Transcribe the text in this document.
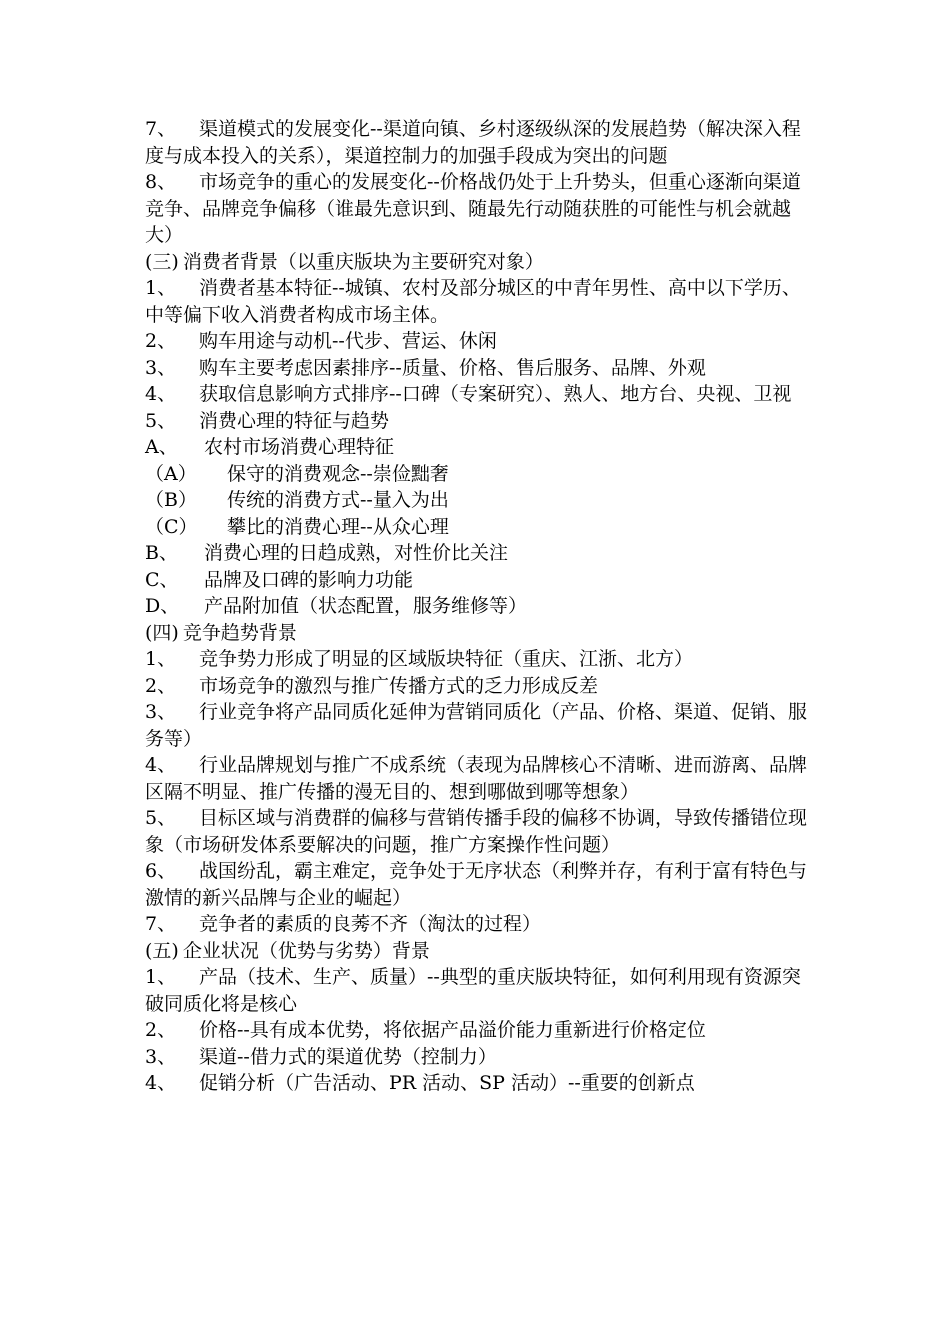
7、 渠道模式的发展变化--渠道向镇、乡村逐级纵深的发展趋势（解决深入程度与成本投入的关系），渠道控制力的加强手段成为突出的问题
8、 市场竞争的重心的发展变化--价格战仍处于上升势头，但重心逐渐向渠道竞争、品牌竞争偏移（谁最先意识到、随最先行动随获胜的可能性与机会就越大）
(三) 消费者背景（以重庆版块为主要研究对象）
1、 消费者基本特征--城镇、农村及部分城区的中青年男性、高中以下学历、中等偏下收入消费者构成市场主体。
2、 购车用途与动机--代步、营运、休闲
3、 购车主要考虑因素排序--质量、价格、售后服务、品牌、外观
4、 获取信息影响方式排序--口碑（专案研究）、熟人、地方台、央视、卫视
5、 消费心理的特征与趋势
A、 农村市场消费心理特征
（A） 保守的消费观念--崇俭黜奢
（B） 传统的消费方式--量入为出
（C） 攀比的消费心理--从众心理
B、 消费心理的日趋成熟，对性价比关注
C、 品牌及口碑的影响力功能
D、 产品附加值（状态配置，服务维修等）
(四) 竞争趋势背景
1、 竞争势力形成了明显的区域版块特征（重庆、江浙、北方）
2、 市场竞争的激烈与推广传播方式的乏力形成反差
3、 行业竞争将产品同质化延伸为营销同质化（产品、价格、渠道、促销、服务等）
4、 行业品牌规划与推广不成系统（表现为品牌核心不清晰、进而游离、品牌区隔不明显、推广传播的漫无目的、想到哪做到哪等想象）
5、 目标区域与消费群的偏移与营销传播手段的偏移不协调，导致传播错位现象（市场研发体系要解决的问题，推广方案操作性问题）
6、 战国纷乱，霸主难定，竞争处于无序状态（利弊并存，有利于富有特色与激情的新兴品牌与企业的崛起）
7、 竞争者的素质的良莠不齐（淘汰的过程）
(五) 企业状况（优势与劣势）背景
1、 产品（技术、生产、质量）--典型的重庆版块特征，如何利用现有资源突破同质化将是核心
2、 价格--具有成本优势，将依据产品溢价能力重新进行价格定位
3、 渠道--借力式的渠道优势（控制力）
4、 促销分析（广告活动、PR 活动、SP 活动）--重要的创新点
